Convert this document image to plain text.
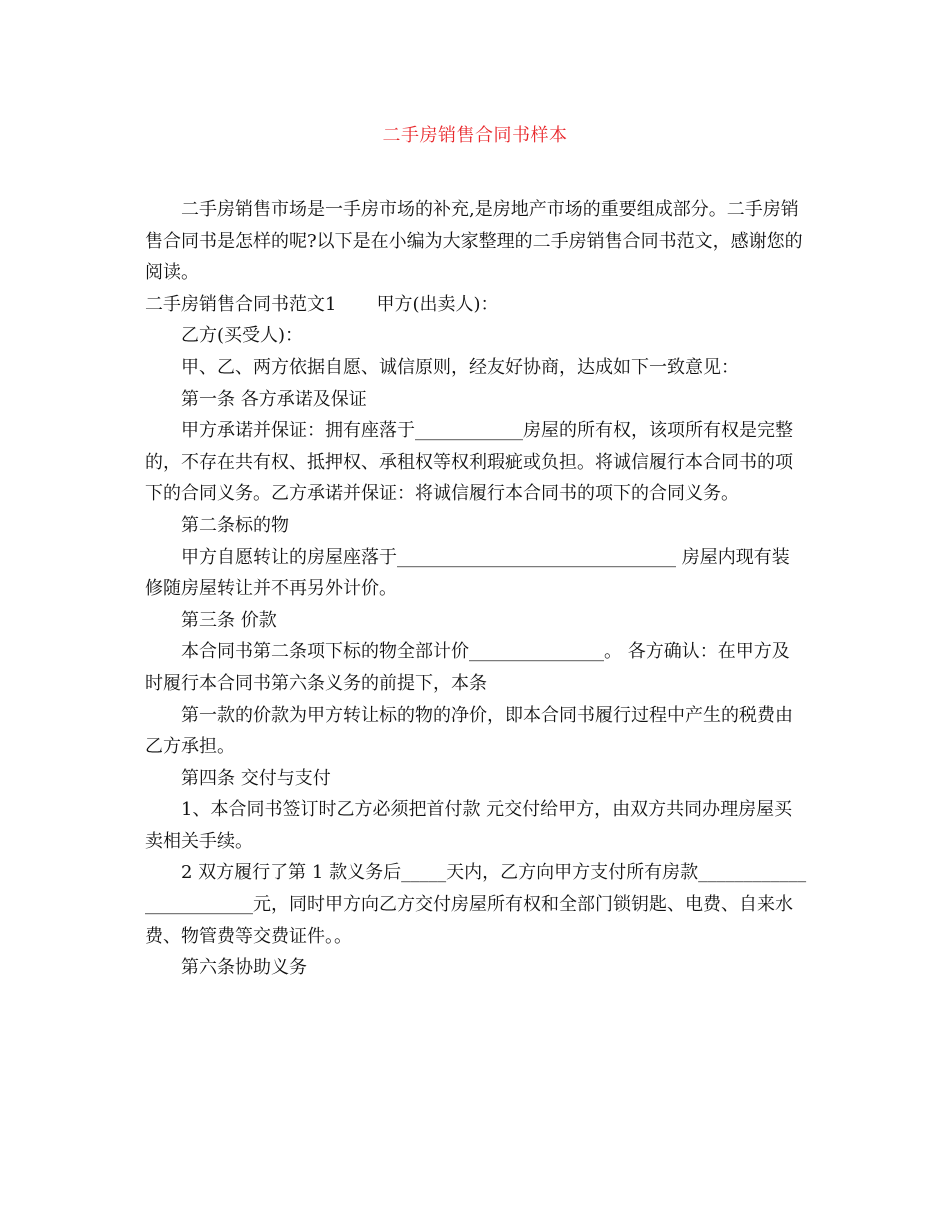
二手房销售合同书样本

二手房销售市场是一手房市场的补充,是房地产市场的重要组成部分。二手房销售合同书是怎样的呢?以下是在小编为大家整理的二手房销售合同书范文，感谢您的阅读。

二手房销售合同书范文1 甲方(出卖人)：

乙方(买受人)：

甲、乙、两方依据自愿、诚信原则，经友好协商，达成如下一致意见：

第一条 各方承诺及保证

甲方承诺并保证：拥有座落于____________房屋的所有权，该项所有权是完整的，不存在共有权、抵押权、承租权等权利瑕疵或负担。将诚信履行本合同书的项下的合同义务。乙方承诺并保证：将诚信履行本合同书的项下的合同义务。

第二条标的物

甲方自愿转让的房屋座落于_______________________________ 房屋内现有装修随房屋转让并不再另外计价。

第三条 价款

本合同书第二条项下标的物全部计价_______________。 各方确认：在甲方及时履行本合同书第六条义务的前提下，本条

第一款的价款为甲方转让标的物的净价，即本合同书履行过程中产生的税费由乙方承担。

第四条 交付与支付

1、本合同书签订时乙方必须把首付款 元交付给甲方，由双方共同办理房屋买卖相关手续。

2 双方履行了第 1 款义务后_____天内，乙方向甲方支付所有房款________________________元，同时甲方向乙方交付房屋所有权和全部门锁钥匙、电费、自来水费、物管费等交费证件。。

第六条协助义务
